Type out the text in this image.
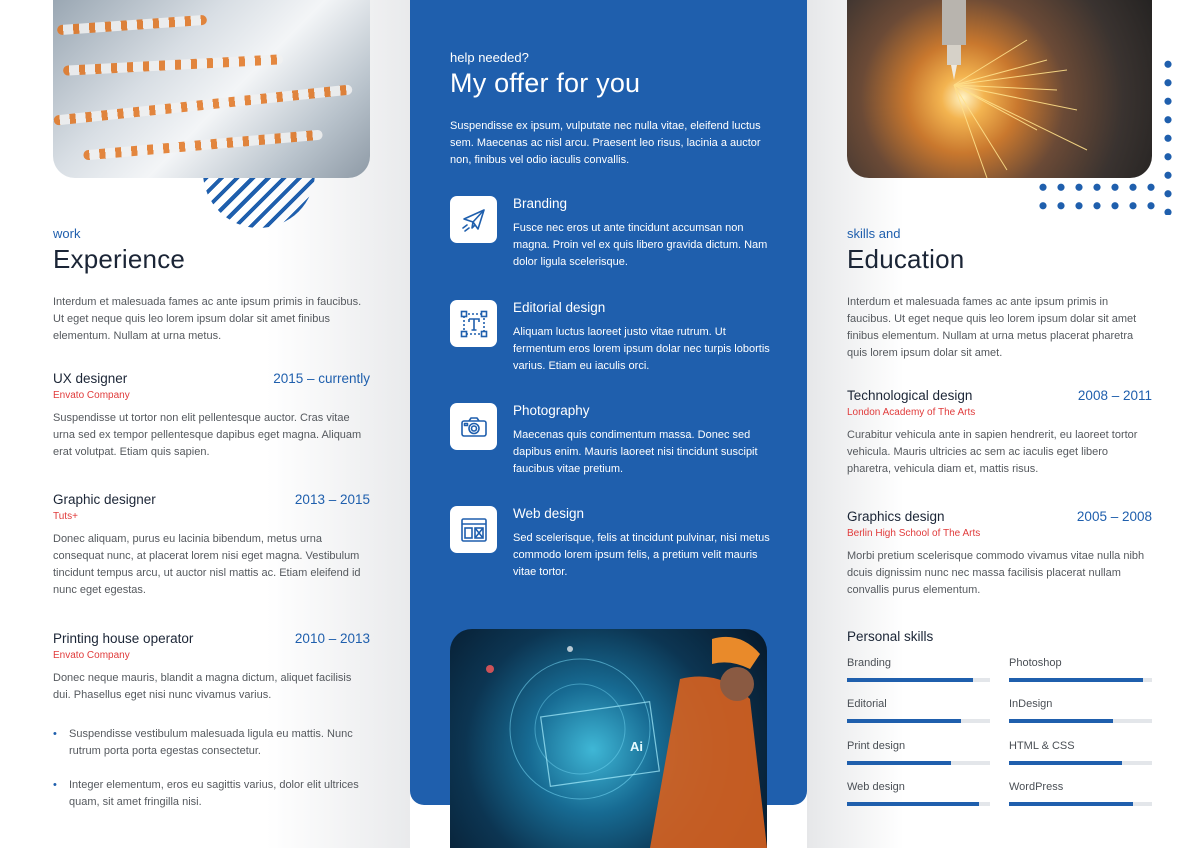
work
Experience
Interdum et malesuada fames ac ante ipsum primis in faucibus. Ut eget neque quis leo lorem ipsum dolar sit amet finibus elementum. Nullam at urna metus.
UX designer	2015 – currently
Envato Company
Suspendisse ut tortor non elit pellentesque auctor. Cras vitae urna sed ex tempor pellentesque dapibus eget magna. Aliquam erat volutpat. Etiam quis sapien.
Graphic designer	2013 – 2015
Tuts+
Donec aliquam, purus eu lacinia bibendum, metus urna consequat nunc, at placerat lorem nisi eget magna. Vestibulum tincidunt tempus arcu, ut auctor nisl mattis ac. Etiam eleifend id nunc eget egestas.
Printing house operator	2010 – 2013
Envato Company
Donec neque mauris, blandit a magna dictum, aliquet facilisis dui. Phasellus eget nisi nunc vivamus varius.
• Suspendisse vestibulum malesuada ligula eu mattis. Nunc rutrum porta porta egestas consectetur.
• Integer elementum, eros eu sagittis varius, dolor elit ultrices quam, sit amet fringilla nisi.
help needed?
My offer for you
Suspendisse ex ipsum, vulputate nec nulla vitae, eleifend luctus sem. Maecenas ac nisl arcu. Praesent leo risus, lacinia a auctor non, finibus vel odio iaculis convallis.
Branding
Fusce nec eros ut ante tincidunt accumsan non magna. Proin vel ex quis libero gravida dictum. Nam dolor ligula scelerisque.
Editorial design
Aliquam luctus laoreet justo vitae rutrum. Ut fermentum eros lorem ipsum dolar nec turpis lobortis varius. Etiam eu iaculis orci.
Photography
Maecenas quis condimentum massa. Donec sed dapibus enim. Mauris laoreet nisi tincidunt suscipit faucibus vitae pretium.
Web design
Sed scelerisque, felis at tincidunt pulvinar, nisi metus commodo lorem ipsum felis, a pretium velit mauris vitae tortor.
Ai
skills and
Education
Interdum et malesuada fames ac ante ipsum primis in faucibus. Ut eget neque quis leo lorem ipsum dolar sit amet finibus elementum. Nullam at urna metus placerat pharetra quis lorem ipsum dolar sit amet.
Technological design	2008 – 2011
London Academy of The Arts
Curabitur vehicula ante in sapien hendrerit, eu laoreet tortor vehicula. Mauris ultricies ac sem ac iaculis eget libero pharetra, vehicula diam et, mattis risus.
Graphics design	2005 – 2008
Berlin High School of The Arts
Morbi pretium scelerisque commodo vivamus vitae nulla nibh dcuis dignissim nunc nec massa facilisis placerat nullam convallis purus elementum.
Personal skills
Branding	Photoshop
Editorial	InDesign
Print design	HTML & CSS
Web design	WordPress
